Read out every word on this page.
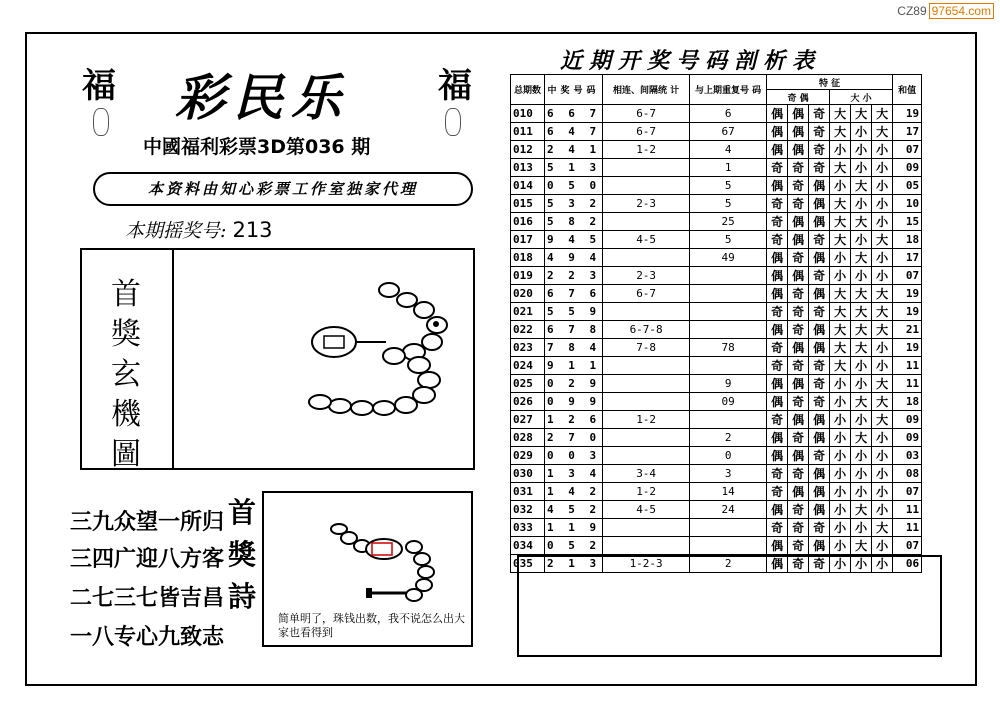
CZ89 97654.com
福	福
彩民乐
中國福利彩票3D第036 期
本资料由知心彩票工作室独家代理
本期摇奖号: 213
首獎玄機圖
三九众望一所归
三四广迎八方客
二七三七皆吉昌
一八专心九致志
首獎詩
简单明了，珠钱出数，我不说怎么出大家也看得到
近期开奖号码剖析表
总期数	中奖号码	相连、间隔统 计	与上期重复号 码	特 征						和值
				奇 偶			大 小			
010	6 6 7	6-7	6	偶	偶	奇	大	大	大	19
011	6 4 7	6-7	67	偶	偶	奇	大	小	大	17
012	2 4 1	1-2	4	偶	偶	奇	小	小	小	07
013	5 1 3		1	奇	奇	奇	大	小	小	09
014	0 5 0		5	偶	奇	偶	小	大	小	05
015	5 3 2	2-3	5	奇	奇	偶	大	小	小	10
016	5 8 2		25	奇	偶	偶	大	大	小	15
017	9 4 5	4-5	5	奇	偶	奇	大	小	大	18
018	4 9 4		49	偶	奇	偶	小	大	小	17
019	2 2 3	2-3		偶	偶	奇	小	小	小	07
020	6 7 6	6-7		偶	奇	偶	大	大	大	19
021	5 5 9			奇	奇	奇	大	大	大	19
022	6 7 8	6-7-8		偶	奇	偶	大	大	大	21
023	7 8 4	7-8	78	奇	偶	偶	大	大	小	19
024	9 1 1			奇	奇	奇	大	小	小	11
025	0 2 9		9	偶	偶	奇	小	小	大	11
026	0 9 9		09	偶	奇	奇	小	大	大	18
027	1 2 6	1-2		奇	偶	偶	小	小	大	09
028	2 7 0		2	偶	奇	偶	小	大	小	09
029	0 0 3		0	偶	偶	奇	小	小	小	03
030	1 3 4	3-4	3	奇	奇	偶	小	小	小	08
031	1 4 2	1-2	14	奇	偶	偶	小	小	小	07
032	4 5 2	4-5	24	偶	奇	偶	小	大	小	11
033	1 1 9			奇	奇	奇	小	小	大	11
034	0 5 2			偶	奇	偶	小	大	小	07
035	2 1 3	1-2-3	2	偶	奇	奇	小	小	小	06
